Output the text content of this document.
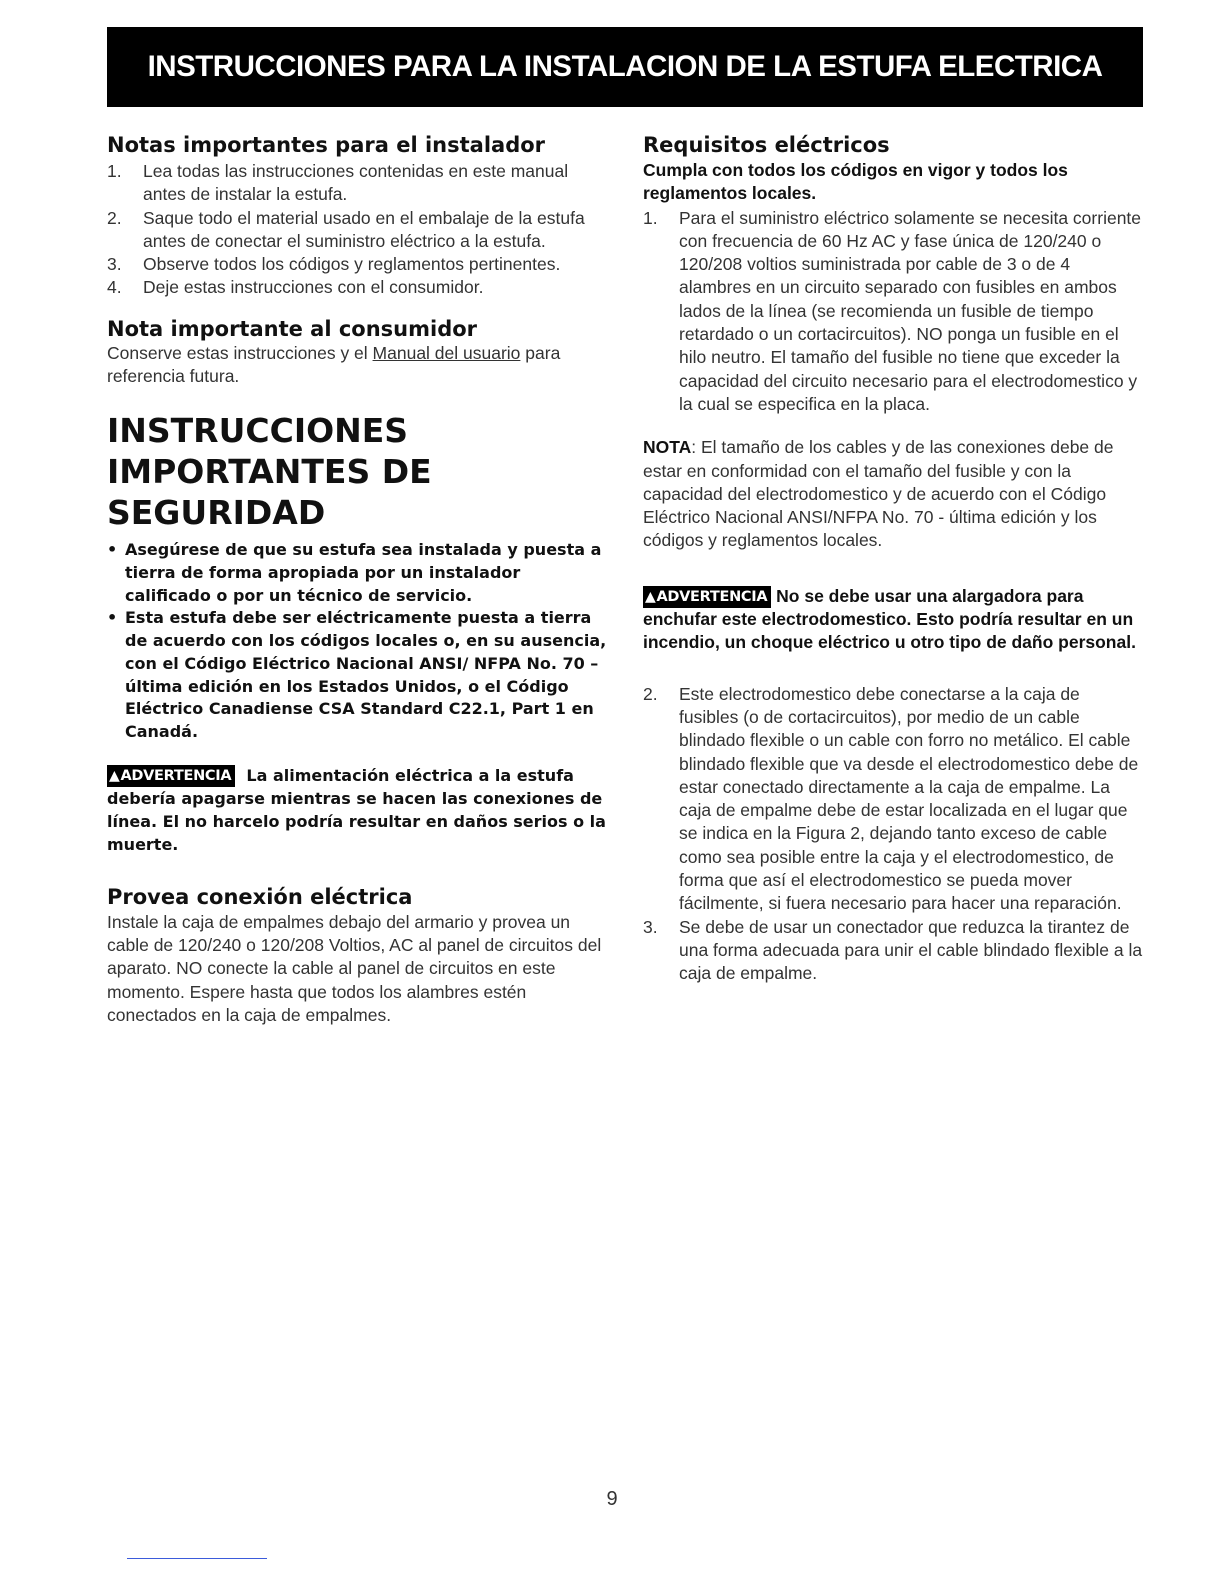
INSTRUCCIONES PARA LA INSTALACION DE LA ESTUFA ELECTRICA
Notas importantes para el instalador
1. Lea todas las instrucciones contenidas en este manual antes de instalar la estufa.
2. Saque todo el material usado en el embalaje de la estufa antes de conectar el suministro eléctrico a la estufa.
3. Observe todos los códigos y reglamentos pertinentes.
4. Deje estas instrucciones con el consumidor.
Nota importante al consumidor

Conserve estas instrucciones y el Manual del usuario para referencia futura.

INSTRUCCIONES
IMPORTANTES DE SEGURIDAD
• Asegúrese de que su estufa sea instalada y puesta a tierra de forma apropiada por un instalador calificado o por un técnico de servicio.
• Esta estufa debe ser eléctricamente puesta a tierra de acuerdo con los códigos locales o, en su ausencia, con el Código Eléctrico Nacional ANSI/ NFPA No. 70 – última edición en los Estados Unidos, o el Código Eléctrico Canadiense CSA Standard C22.1, Part 1 en Canadá.
▲ADVERTENCIA La alimentación eléctrica a la estufa debería apagarse mientras se hacen las conexiones de línea. El no harcelo podría resultar en daños serios o la muerte.
Provea conexión eléctrica

Instale la caja de empalmes debajo del armario y provea un cable de 120/240 o 120/208 Voltios, AC al panel de circuitos del aparato. NO conecte la cable al panel de circuitos en este momento. Espere hasta que todos los alambres estén conectados en la caja de empalmes.

Requisitos eléctricos
Cumpla con todos los códigos en vigor y todos los reglamentos locales.
1. Para el suministro eléctrico solamente se necesita corriente con frecuencia de 60 Hz AC y fase única de 120/240 o 120/208 voltios suministrada por cable de 3 o de 4 alambres en un circuito separado con fusibles en ambos lados de la línea (se recomienda un fusible de tiempo retardado o un cortacircuitos). NO ponga un fusible en el hilo neutro. El tamaño del fusible no tiene que exceder la capacidad del circuito necesario para el electrodomestico y la cual se especifica en la placa.

NOTA: El tamaño de los cables y de las conexiones debe de estar en conformidad con el tamaño del fusible y con la capacidad del electrodomestico y de acuerdo con el Código Eléctrico Nacional ANSI/NFPA No. 70 - última edición y los códigos y reglamentos locales.

▲ADVERTENCIA No se debe usar una alargadora para enchufar este electrodomestico. Esto podría resultar en un incendio, un choque eléctrico u otro tipo de daño personal.
2. Este electrodomestico debe conectarse a la caja de fusibles (o de cortacircuitos), por medio de un cable blindado flexible o un cable con forro no metálico. El cable blindado flexible que va desde el electrodomestico debe de estar conectado directamente a la caja de empalme. La caja de empalme debe de estar localizada en el lugar que se indica en la Figura 2, dejando tanto exceso de cable como sea posible entre la caja y el electrodomestico, de forma que así el electrodomestico se pueda mover fácilmente, si fuera necesario para hacer una reparación.
3. Se debe de usar un conectador que reduzca la tirantez de una forma adecuada para unir el cable blindado flexible a la caja de empalme.
9
